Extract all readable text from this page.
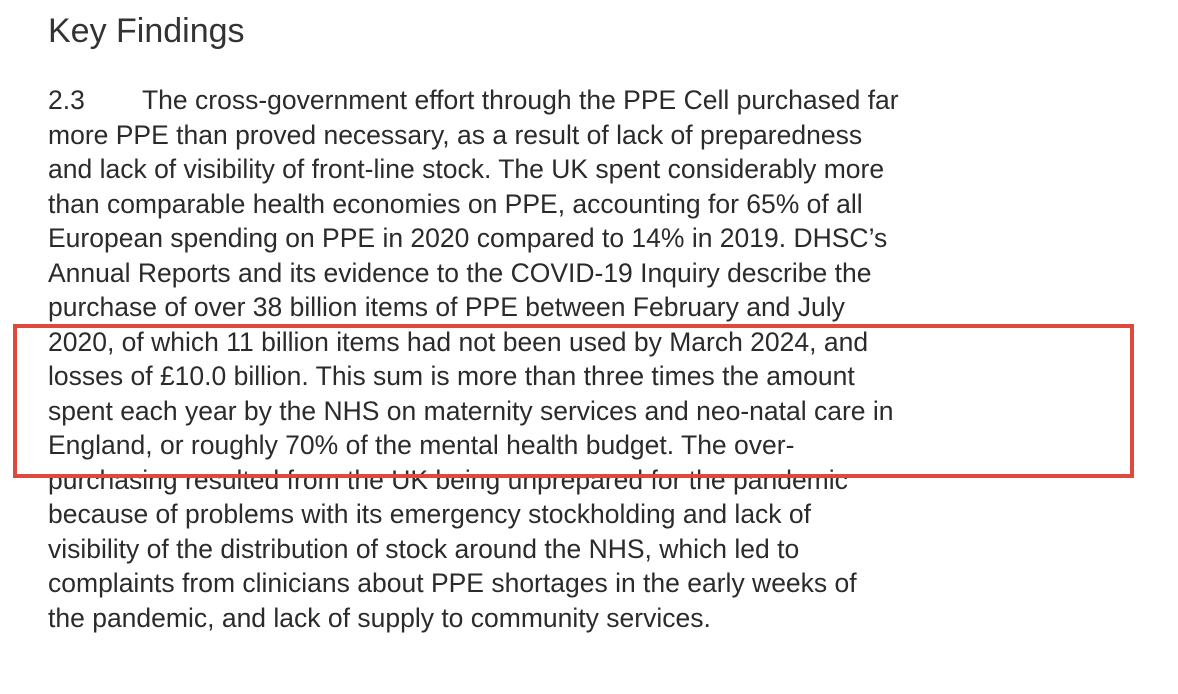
Key Findings
2.3 The cross-government effort through the PPE Cell purchased far
more PPE than proved necessary, as a result of lack of preparedness
and lack of visibility of front-line stock. The UK spent considerably more
than comparable health economies on PPE, accounting for 65% of all
European spending on PPE in 2020 compared to 14% in 2019. DHSC’s
Annual Reports and its evidence to the COVID-19 Inquiry describe the
purchase of over 38 billion items of PPE between February and July
2020, of which 11 billion items had not been used by March 2024, and
losses of £10.0 billion. This sum is more than three times the amount
spent each year by the NHS on maternity services and neo-natal care in
England, or roughly 70% of the mental health budget. The over-
purchasing resulted from the UK being unprepared for the pandemic
because of problems with its emergency stockholding and lack of
visibility of the distribution of stock around the NHS, which led to
complaints from clinicians about PPE shortages in the early weeks of
the pandemic, and lack of supply to community services.
